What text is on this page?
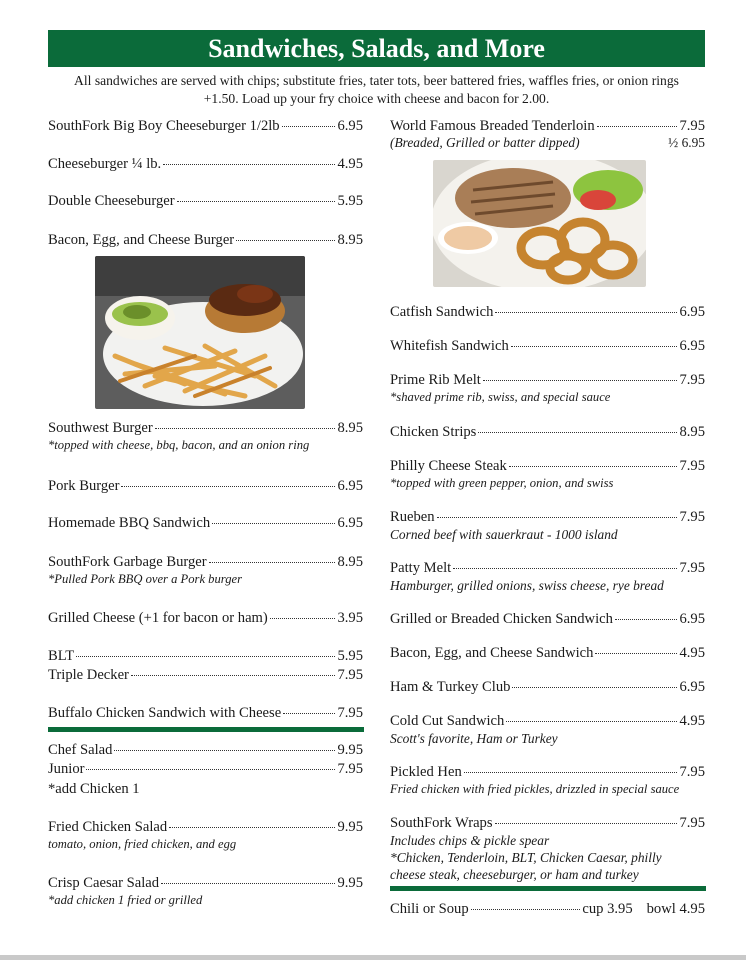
Sandwiches, Salads, and More
All sandwiches are served with chips; substitute fries, tater tots, beer battered fries, waffles fries, or onion rings
+1.50. Load up your fry choice with cheese and bacon for 2.00.
SouthFork Big Boy Cheeseburger 1/2lb	6.95
Cheeseburger ¼ lb.	4.95
Double Cheeseburger	5.95
Bacon, Egg, and Cheese Burger	8.95
Southwest Burger	8.95
*topped with cheese, bbq, bacon, and an onion ring
Pork Burger	6.95
Homemade BBQ Sandwich	6.95
SouthFork Garbage Burger	8.95
*Pulled Pork BBQ over a Pork burger
Grilled Cheese (+1 for bacon or ham)	3.95
BLT	5.95
Triple Decker	7.95
Buffalo Chicken Sandwich with Cheese	7.95
Chef Salad	9.95
Junior	7.95
*add Chicken 1
Fried Chicken Salad	9.95
tomato, onion, fried chicken, and egg
Crisp Caesar Salad	9.95
*add chicken 1 fried or grilled
World Famous Breaded Tenderloin	7.95
(Breaded, Grilled or batter dipped)	½ 6.95
Catfish Sandwich	6.95
Whitefish Sandwich	6.95
Prime Rib Melt	7.95
*shaved prime rib, swiss, and special sauce
Chicken Strips	8.95
Philly Cheese Steak	7.95
*topped with green pepper, onion, and swiss
Rueben	7.95
Corned beef with sauerkraut - 1000 island
Patty Melt	7.95
Hamburger, grilled onions, swiss cheese, rye bread
Grilled or Breaded Chicken Sandwich	6.95
Bacon, Egg, and Cheese Sandwich	4.95
Ham & Turkey Club	6.95
Cold Cut Sandwich	4.95
Scott's favorite, Ham or Turkey
Pickled Hen	7.95
Fried chicken with fried pickles, drizzled in special sauce
SouthFork Wraps	7.95
Includes chips & pickle spear
*Chicken, Tenderloin, BLT, Chicken Caesar, philly cheese steak, cheeseburger, or ham and turkey
Chili or Soup	cup 3.95 bowl 4.95
